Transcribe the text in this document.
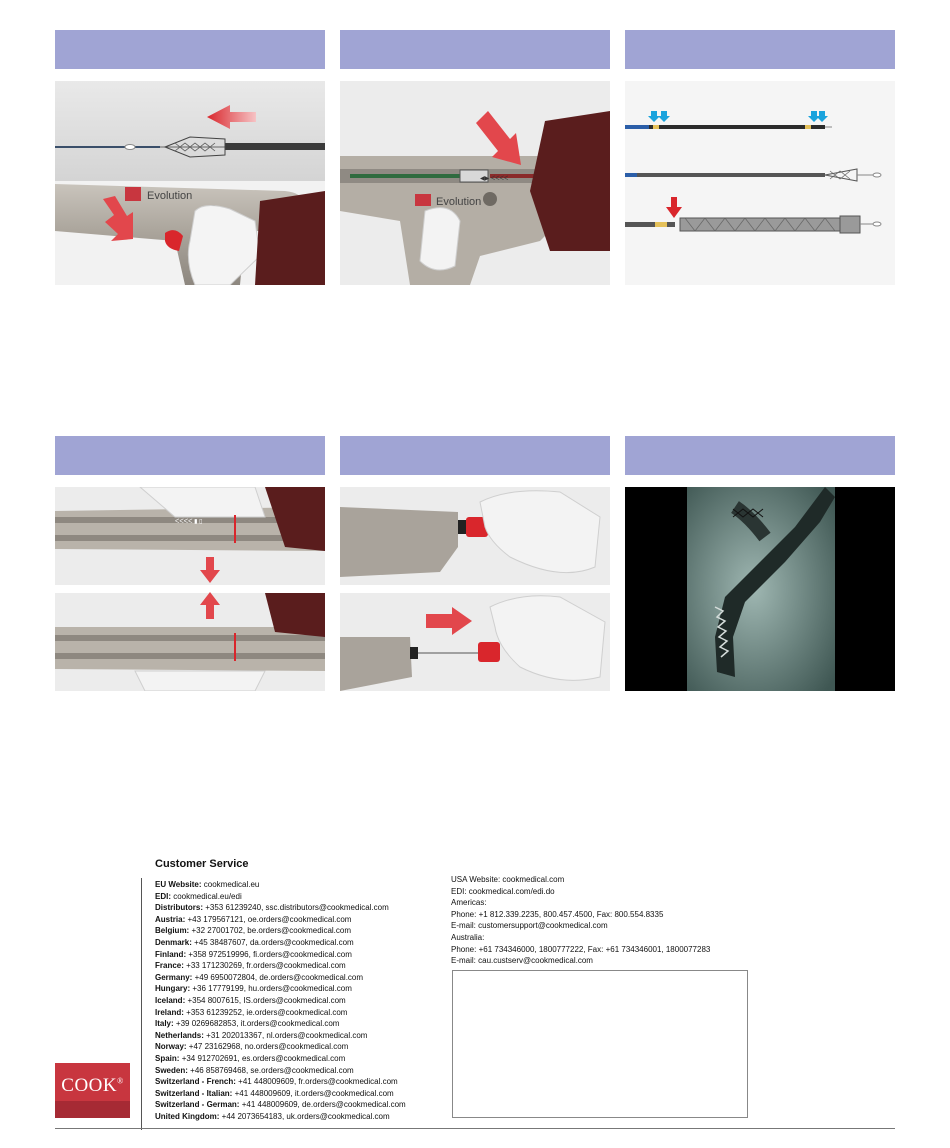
Evolution
◀▶ ᐸᐸᐸᐸ
Evolution
ᐸᐸᐸᐸ ▮ ▯
Customer Service
EU Website: cookmedical.eu
EDI: cookmedical.eu/edi
Distributors: +353 61239240, ssc.distributors@cookmedical.com
Austria: +43 179567121, oe.orders@cookmedical.com
Belgium: +32 27001702, be.orders@cookmedical.com
Denmark: +45 38487607, da.orders@cookmedical.com
Finland: +358 972519996, fi.orders@cookmedical.com
France: +33 171230269, fr.orders@cookmedical.com
Germany: +49 6950072804, de.orders@cookmedical.com
Hungary: +36 17779199, hu.orders@cookmedical.com
Iceland: +354 8007615, IS.orders@cookmedical.com
Ireland: +353 61239252, ie.orders@cookmedical.com
Italy: +39 0269682853, it.orders@cookmedical.com
Netherlands: +31 202013367, nl.orders@cookmedical.com
Norway: +47 23162968, no.orders@cookmedical.com
Spain: +34 912702691, es.orders@cookmedical.com
Sweden: +46 858769468, se.orders@cookmedical.com
Switzerland - French: +41 448009609, fr.orders@cookmedical.com
Switzerland - Italian: +41 448009609, it.orders@cookmedical.com
Switzerland - German: +41 448009609, de.orders@cookmedical.com
United Kingdom: +44 2073654183, uk.orders@cookmedical.com
USA Website: cookmedical.com
EDI: cookmedical.com/edi.do
Americas:
Phone: +1 812.339.2235, 800.457.4500, Fax: 800.554.8335
E-mail: customersupport@cookmedical.com
Australia:
Phone: +61 734346000, 1800777222, Fax: +61 734346001, 1800077283
E-mail: cau.custserv@cookmedical.com
COOK®
